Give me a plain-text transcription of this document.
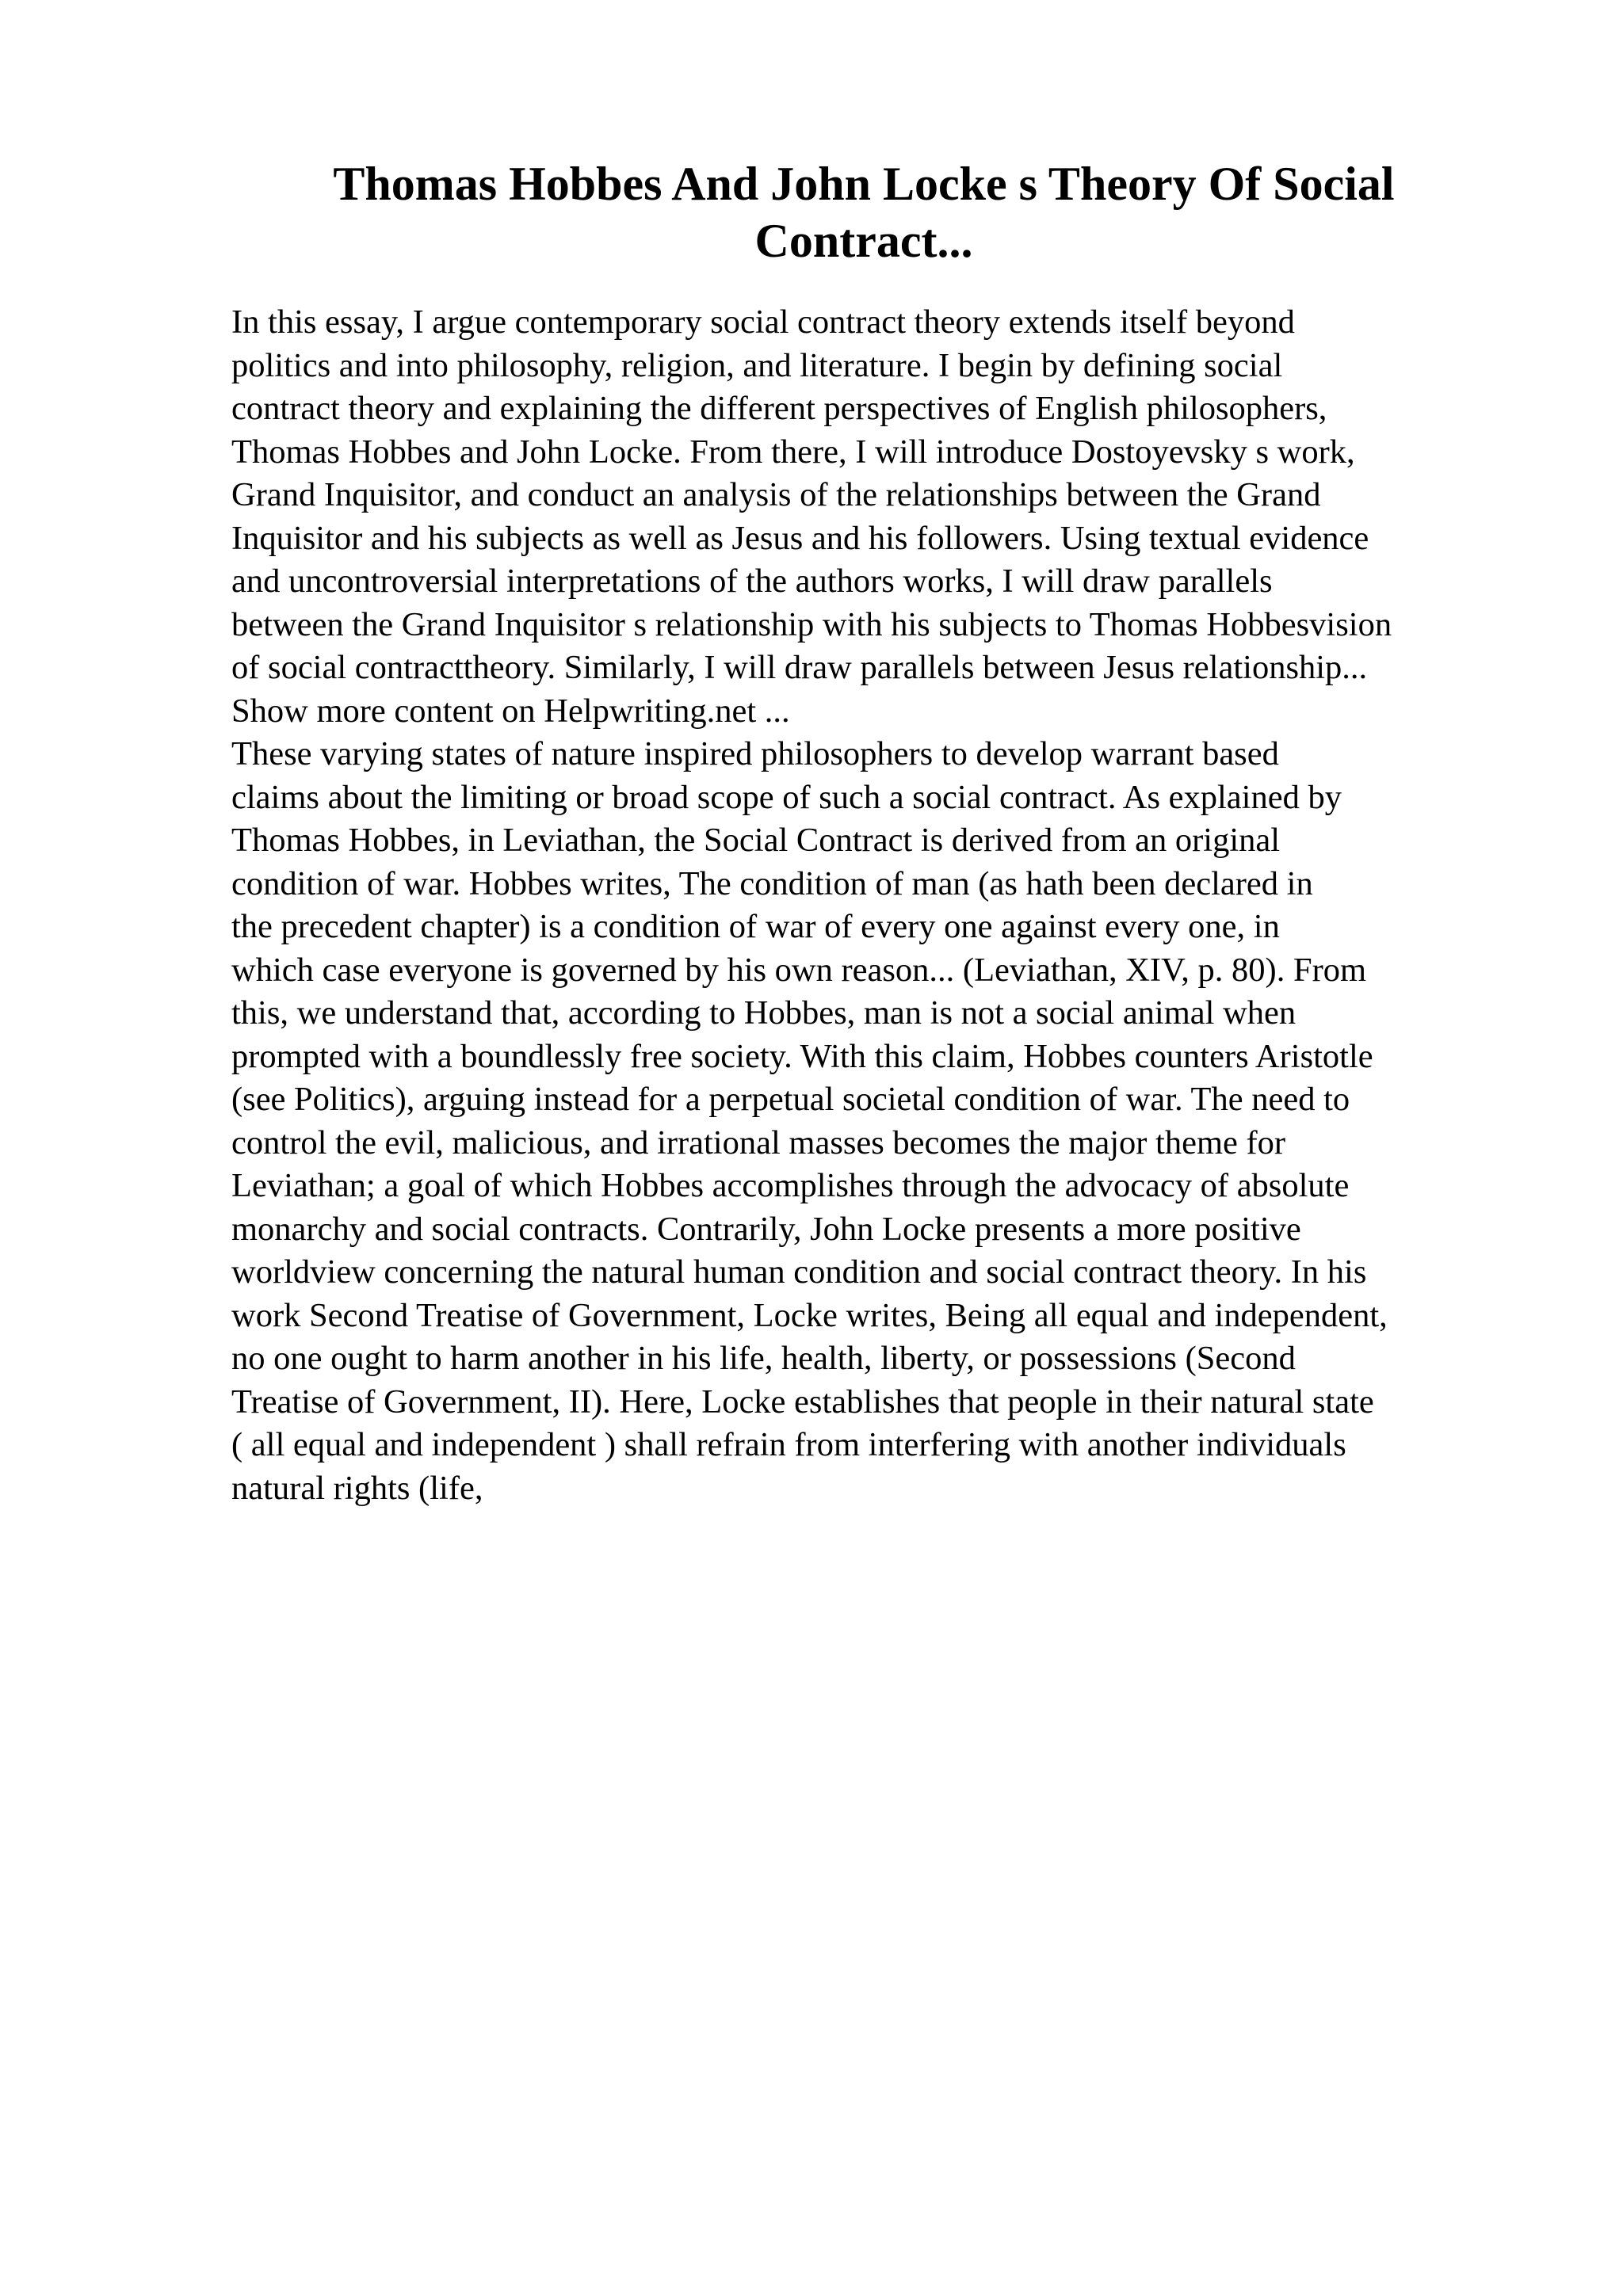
Thomas Hobbes And John Locke s Theory Of Social
Contract...
In this essay, I argue contemporary social contract theory extends itself beyond
politics and into philosophy, religion, and literature. I begin by defining social
contract theory and explaining the different perspectives of English philosophers,
Thomas Hobbes and John Locke. From there, I will introduce Dostoyevsky s work,
Grand Inquisitor, and conduct an analysis of the relationships between the Grand
Inquisitor and his subjects as well as Jesus and his followers. Using textual evidence
and uncontroversial interpretations of the authors works, I will draw parallels
between the Grand Inquisitor s relationship with his subjects to Thomas Hobbesvision
of social contracttheory. Similarly, I will draw parallels between Jesus relationship...
Show more content on Helpwriting.net ...
These varying states of nature inspired philosophers to develop warrant based
claims about the limiting or broad scope of such a social contract. As explained by
Thomas Hobbes, in Leviathan, the Social Contract is derived from an original
condition of war. Hobbes writes, The condition of man (as hath been declared in
the precedent chapter) is a condition of war of every one against every one, in
which case everyone is governed by his own reason... (Leviathan, XIV, p. 80). From
this, we understand that, according to Hobbes, man is not a social animal when
prompted with a boundlessly free society. With this claim, Hobbes counters Aristotle
(see Politics), arguing instead for a perpetual societal condition of war. The need to
control the evil, malicious, and irrational masses becomes the major theme for
Leviathan; a goal of which Hobbes accomplishes through the advocacy of absolute
monarchy and social contracts. Contrarily, John Locke presents a more positive
worldview concerning the natural human condition and social contract theory. In his
work Second Treatise of Government, Locke writes, Being all equal and independent,
no one ought to harm another in his life, health, liberty, or possessions (Second
Treatise of Government, II). Here, Locke establishes that people in their natural state
( all equal and independent ) shall refrain from interfering with another individuals
natural rights (life,
